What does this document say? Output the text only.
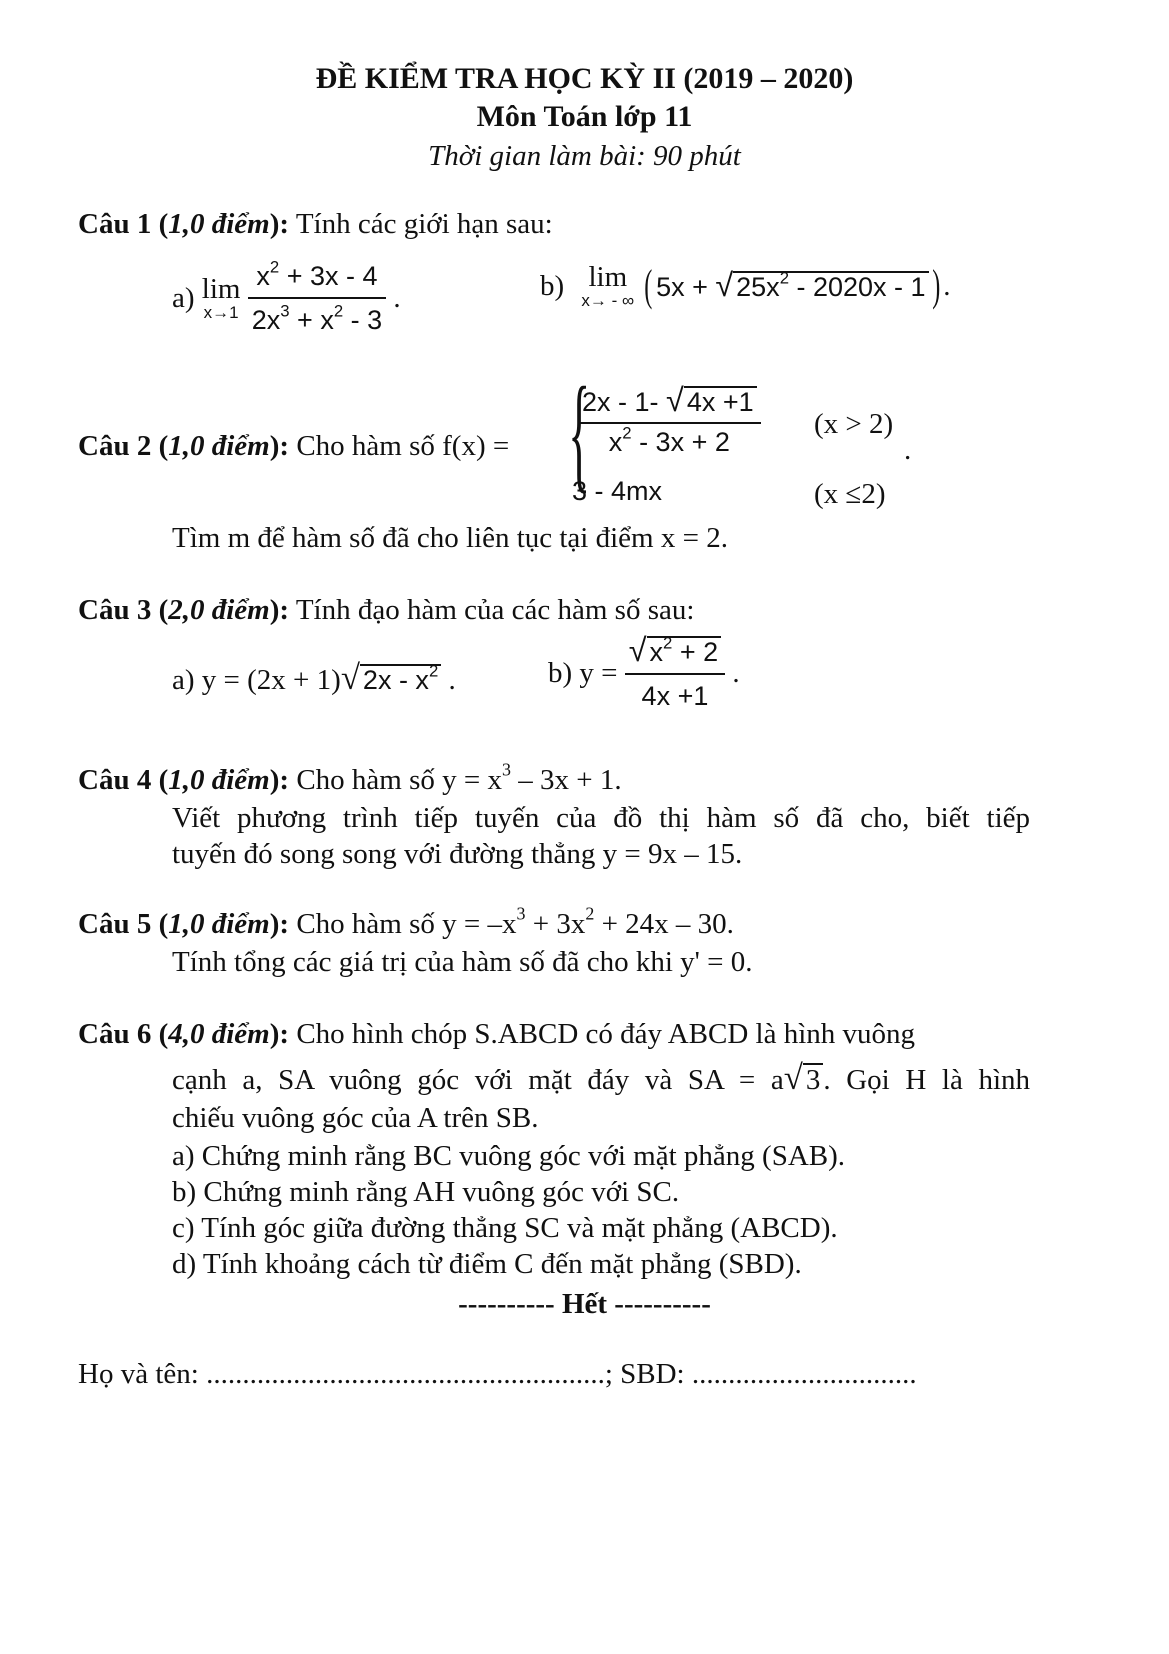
ĐỀ KIỂM TRA HỌC KỲ II (2019 – 2020)
Môn Toán lớp 11
Thời gian làm bài: 90 phút
Câu 1 (1,0 điểm): Tính các giới hạn sau:
a) lim
x→1
$\frac{x^2 + 3x - 4}{2x^3 + x^2 - 3}$ .	b) lim
x→ - ∞ ( 5x + √ $25x^2 - 2020x - 1$ ) .
Câu 2 (1,0 điểm): Cho hàm số f(x) = {
$\frac{2x - 1- √ 4x +1}{x^2 - 3x + 2} (x > 2)$
3 - 4mx	(x ≤2)
.
Tìm m để hàm số đã cho liên tục tại điểm x = 2.
Câu 3 (2,0 điểm): Tính đạo hàm của các hàm số sau:
a) y = (2x + 1)√ $2x - x^2$ .	b) $y = \frac{√ x^2 + 2}{4x +1}$ .
Câu 4 (1,0 điểm): Cho hàm số $y = x^3 - 3x + 1$.
Viết phương trình tiếp tuyến của đồ thị hàm số đã cho, biết tiếp
tuyến đó song song với đường thẳng y = 9x – 15.
Câu 5 (1,0 điểm): Cho hàm số $y = -x^3 + 3x^2 + 24x - 30$.
Tính tổng các giá trị của hàm số đã cho khi y' = 0.
Câu 6 (4,0 điểm): Cho hình chóp S.ABCD có đáy ABCD là hình vuông
cạnh a, SA vuông góc với mặt đáy và SA = a√ 3 . Gọi H là hình
chiếu vuông góc của A trên SB.
a) Chứng minh rằng BC vuông góc với mặt phẳng (SAB).
b) Chứng minh rằng AH vuông góc với SC.
c) Tính góc giữa đường thẳng SC và mặt phẳng (ABCD).
d) Tính khoảng cách từ điểm C đến mặt phẳng (SBD).
---------- Hết ----------
Họ và tên: .......................................................; SBD: ...............................
